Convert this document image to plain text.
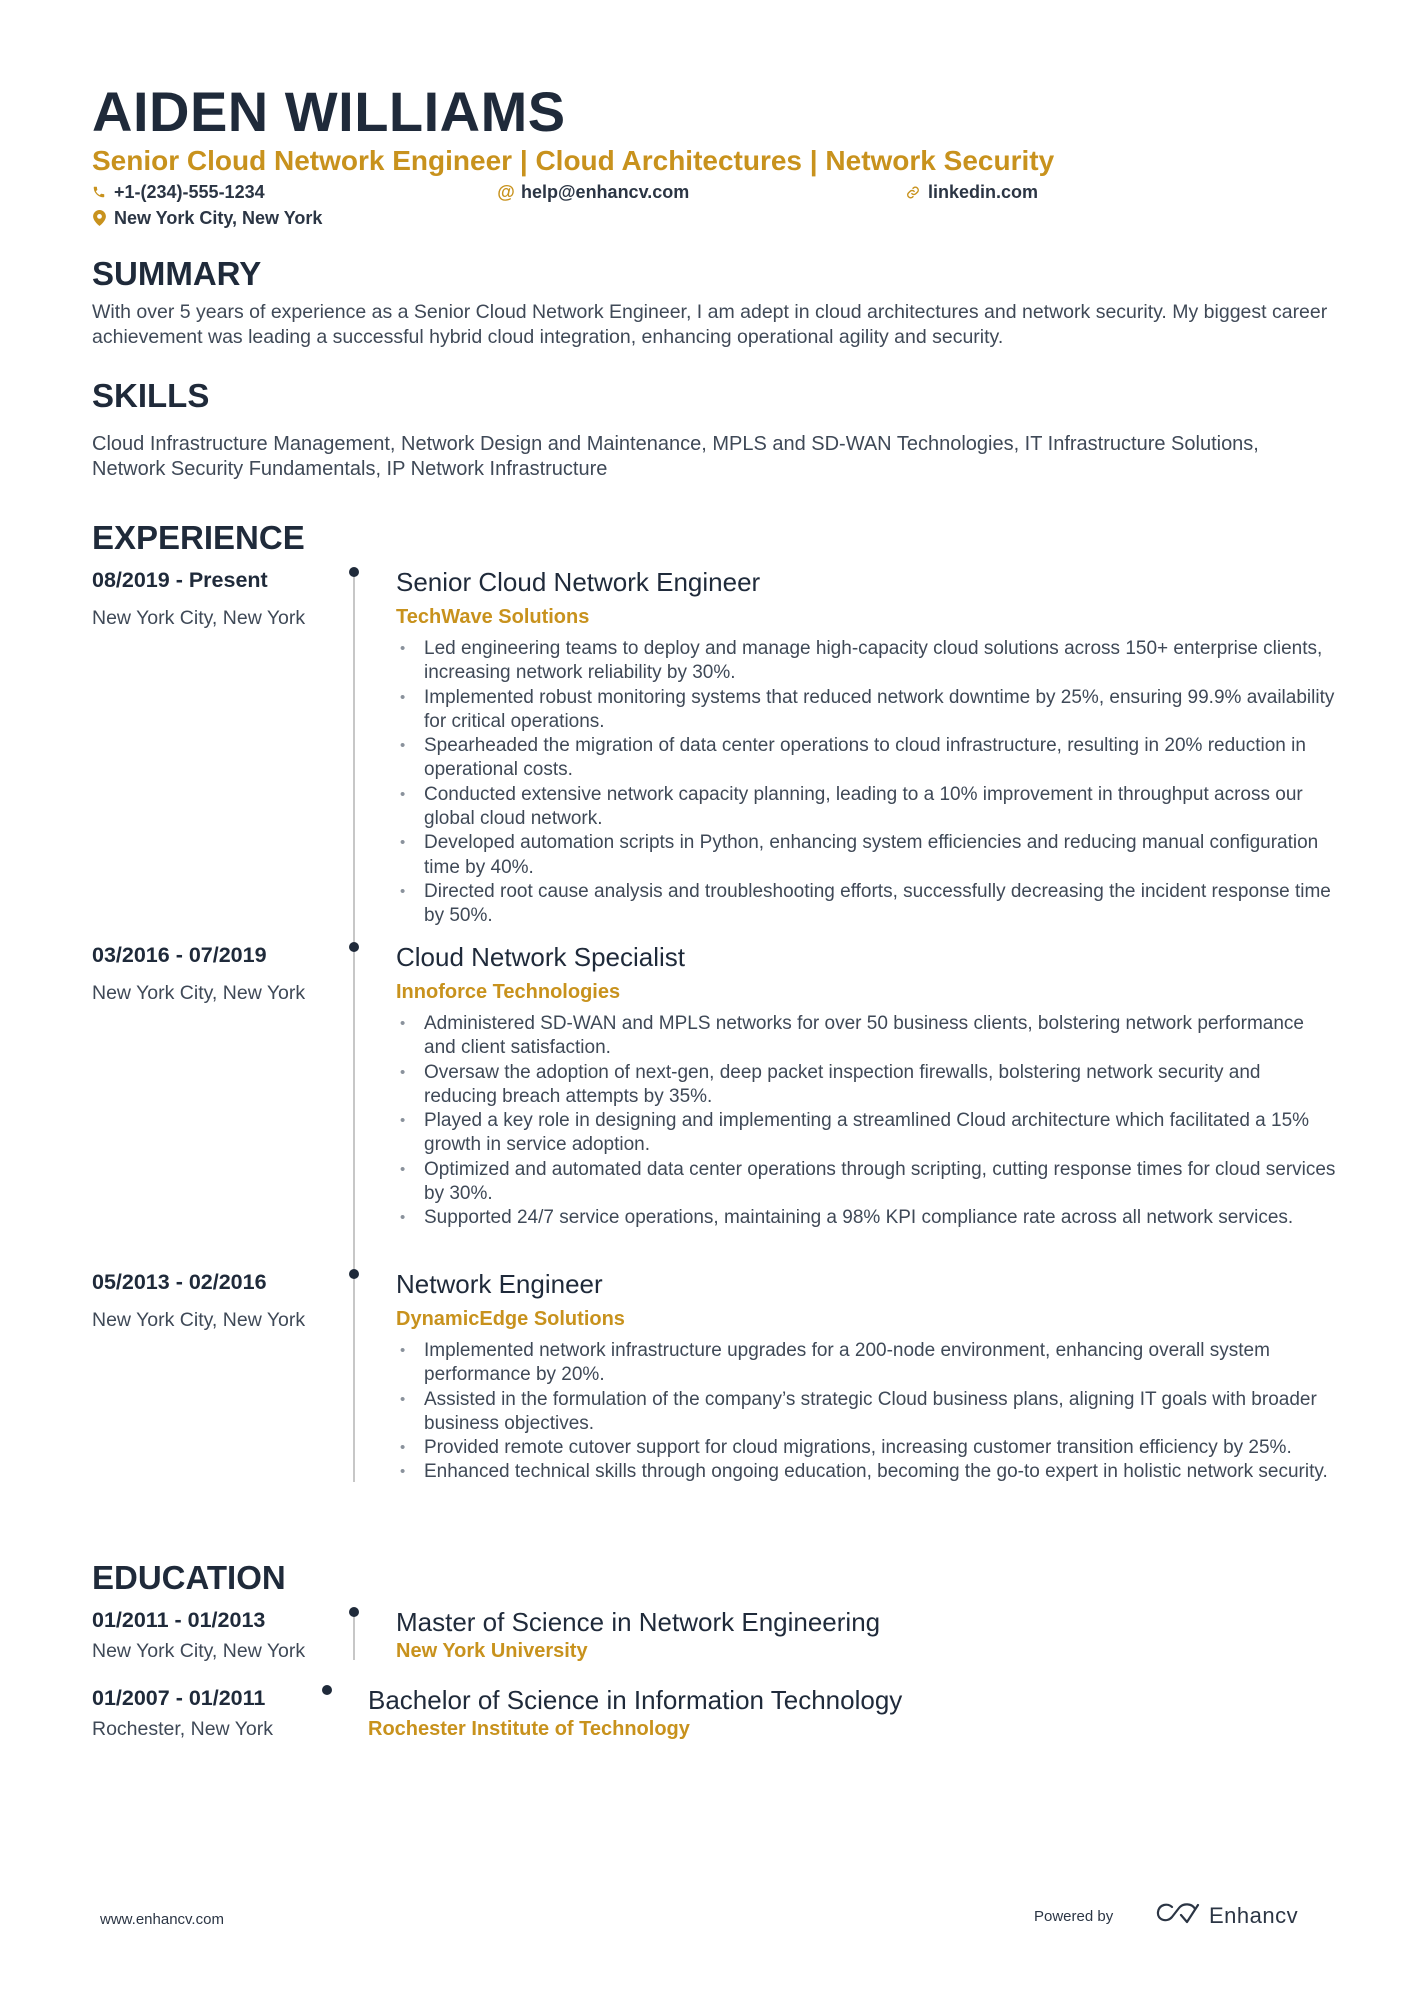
AIDEN WILLIAMS
Senior Cloud Network Engineer | Cloud Architectures | Network Security
+1-(234)-555-1234	@ help@enhancv.com	linkedin.com
New York City, New York
SUMMARY
With over 5 years of experience as a Senior Cloud Network Engineer, I am adept in cloud architectures and network security. My biggest career achievement was leading a successful hybrid cloud integration, enhancing operational agility and security.
SKILLS
Cloud Infrastructure Management, Network Design and Maintenance, MPLS and SD-WAN Technologies, IT Infrastructure Solutions, Network Security Fundamentals, IP Network Infrastructure
EXPERIENCE
08/2019 - Present
New York City, New York
Senior Cloud Network Engineer
TechWave Solutions
• Led engineering teams to deploy and manage high-capacity cloud solutions across 150+ enterprise clients, increasing network reliability by 30%.
• Implemented robust monitoring systems that reduced network downtime by 25%, ensuring 99.9% availability for critical operations.
• Spearheaded the migration of data center operations to cloud infrastructure, resulting in 20% reduction in operational costs.
• Conducted extensive network capacity planning, leading to a 10% improvement in throughput across our global cloud network.
• Developed automation scripts in Python, enhancing system efficiencies and reducing manual configuration time by 40%.
• Directed root cause analysis and troubleshooting efforts, successfully decreasing the incident response time by 50%.
03/2016 - 07/2019
New York City, New York
Cloud Network Specialist
Innoforce Technologies
• Administered SD-WAN and MPLS networks for over 50 business clients, bolstering network performance and client satisfaction.
• Oversaw the adoption of next-gen, deep packet inspection firewalls, bolstering network security and reducing breach attempts by 35%.
• Played a key role in designing and implementing a streamlined Cloud architecture which facilitated a 15% growth in service adoption.
• Optimized and automated data center operations through scripting, cutting response times for cloud services by 30%.
• Supported 24/7 service operations, maintaining a 98% KPI compliance rate across all network services.
05/2013 - 02/2016
New York City, New York
Network Engineer
DynamicEdge Solutions
• Implemented network infrastructure upgrades for a 200-node environment, enhancing overall system performance by 20%.
• Assisted in the formulation of the company’s strategic Cloud business plans, aligning IT goals with broader business objectives.
• Provided remote cutover support for cloud migrations, increasing customer transition efficiency by 25%.
• Enhanced technical skills through ongoing education, becoming the go-to expert in holistic network security.
EDUCATION
01/2011 - 01/2013
New York City, New York
Master of Science in Network Engineering
New York University
01/2007 - 01/2011
Rochester, New York
Bachelor of Science in Information Technology
Rochester Institute of Technology
www.enhancv.com	Powered by	Enhancv
